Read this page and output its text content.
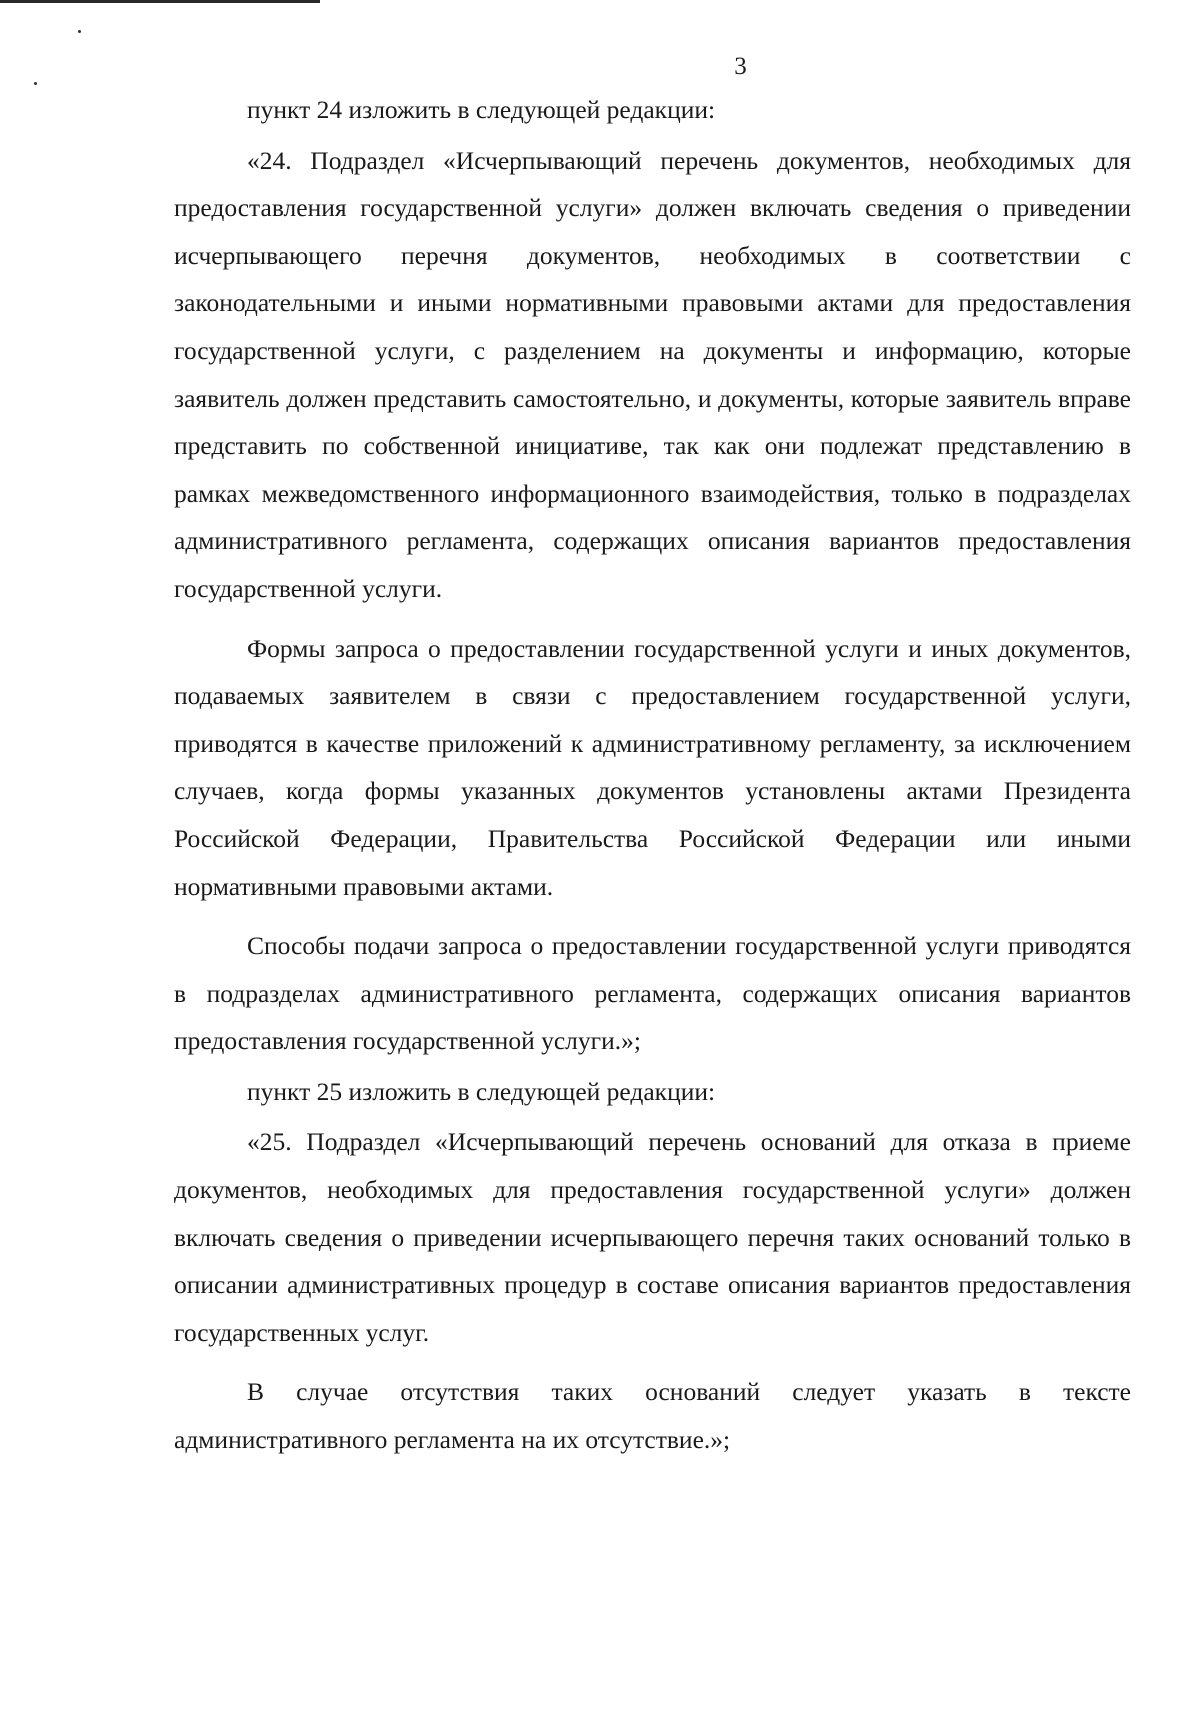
3

пункт 24 изложить в следующей редакции:

«24. Подраздел «Исчерпывающий перечень документов, необходимых для предоставления государственной услуги» должен включать сведения о приведении исчерпывающего перечня документов, необходимых в соответствии с законодательными и иными нормативными правовыми актами для предоставления государственной услуги, с разделением на документы и информацию, которые заявитель должен представить самостоятельно, и документы, которые заявитель вправе представить по собственной инициативе, так как они подлежат представлению в рамках межведомственного информационного взаимодействия, только в подразделах административного регламента, содержащих описания вариантов предоставления государственной услуги.

Формы запроса о предоставлении государственной услуги и иных документов, подаваемых заявителем в связи с предоставлением государственной услуги, приводятся в качестве приложений к административному регламенту, за исключением случаев, когда формы указанных документов установлены актами Президента Российской Федерации, Правительства Российской Федерации или иными нормативными правовыми актами.

Способы подачи запроса о предоставлении государственной услуги приводятся в подразделах административного регламента, содержащих описания вариантов предоставления государственной услуги.»;

пункт 25 изложить в следующей редакции:

«25. Подраздел «Исчерпывающий перечень оснований для отказа в приеме документов, необходимых для предоставления государственной услуги» должен включать сведения о приведении исчерпывающего перечня таких оснований только в описании административных процедур в составе описания вариантов предоставления государственных услуг.

В случае отсутствия таких оснований следует указать в тексте административного регламента на их отсутствие.»;
